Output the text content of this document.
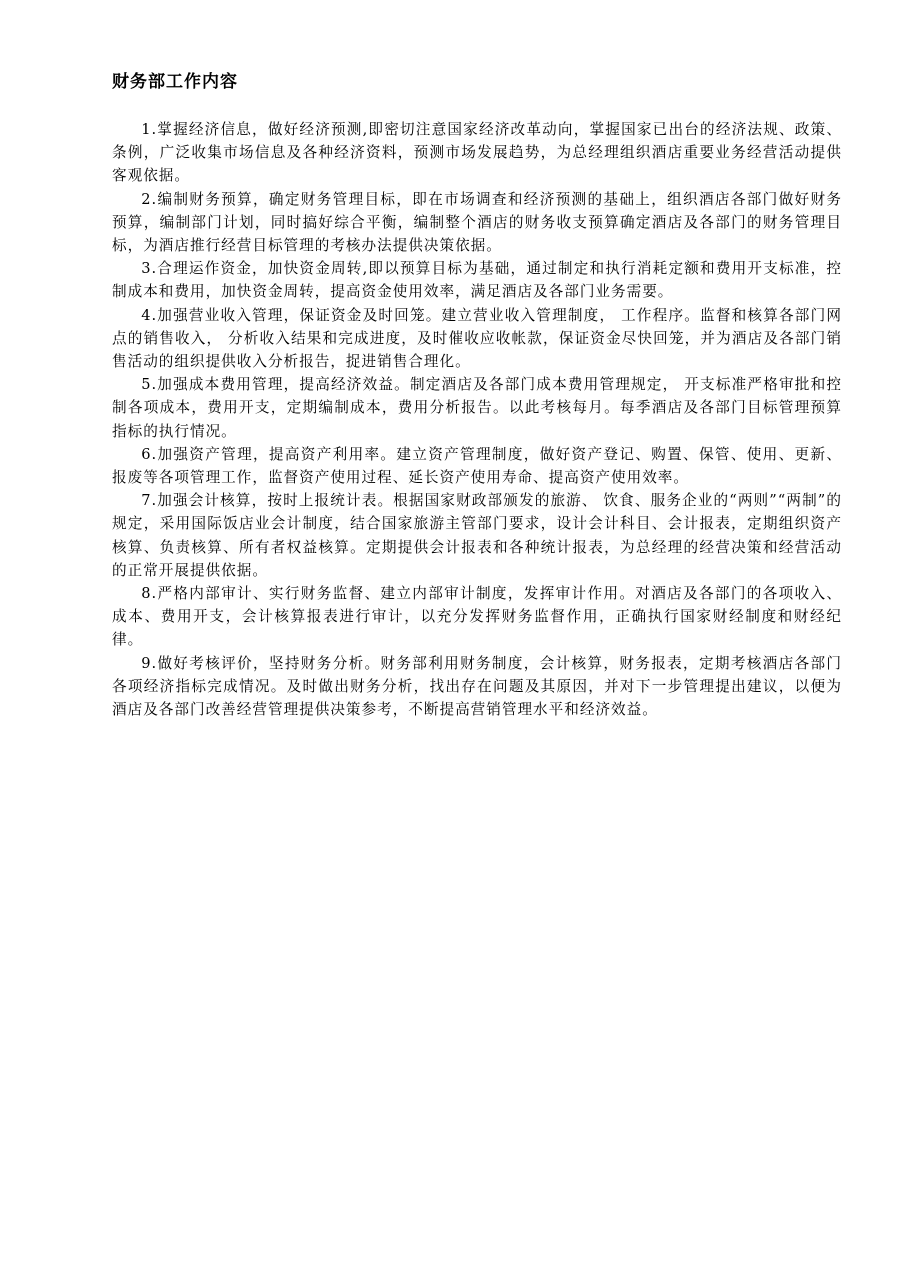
财务部工作内容

1.掌握经济信息，做好经济预测,即密切注意国家经济改革动向，掌握国家已出台的经济法规、政策、条例，广泛收集市场信息及各种经济资料，预测市场发展趋势，为总经理组织酒店重要业务经营活动提供客观依据。

2.编制财务预算，确定财务管理目标，即在市场调查和经济预测的基础上，组织酒店各部门做好财务预算，编制部门计划，同时搞好综合平衡，编制整个酒店的财务收支预算确定酒店及各部门的财务管理目标，为酒店推行经营目标管理的考核办法提供决策依据。

3.合理运作资金，加快资金周转,即以预算目标为基础，通过制定和执行消耗定额和费用开支标准，控制成本和费用，加快资金周转，提高资金使用效率，满足酒店及各部门业务需要。

4.加强营业收入管理，保证资金及时回笼。建立营业收入管理制度， 工作程序。监督和核算各部门网点的销售收入， 分析收入结果和完成进度，及时催收应收帐款，保证资金尽快回笼，并为酒店及各部门销售活动的组织提供收入分析报告，捉进销售合理化。

5.加强成本费用管理，提高经济效益。制定酒店及各部门成本费用管理规定， 开支标准严格审批和控制各项成本，费用开支，定期编制成本，费用分析报告。以此考核每月。每季酒店及各部门目标管理预算指标的执行情况。

6.加强资产管理，提高资产利用率。建立资产管理制度，做好资产登记、购置、保管、使用、更新、报废等各项管理工作，监督资产使用过程、延长资产使用寿命、提高资产使用效率。

7.加强会计核算，按时上报统计表。根据国家财政部颁发的旅游、 饮食、服务企业的“两则”“两制”的规定，采用国际饭店业会计制度，结合国家旅游主管部门要求，设计会计科目、会计报表，定期组织资产核算、负责核算、所有者权益核算。定期提供会计报表和各种统计报表，为总经理的经营决策和经营活动的正常开展提供依据。

8.严格内部审计、实行财务监督、建立内部审计制度，发挥审计作用。对酒店及各部门的各项收入、成本、费用开支，会计核算报表进行审计，以充分发挥财务监督作用，正确执行国家财经制度和财经纪律。

9.做好考核评价，坚持财务分析。财务部利用财务制度，会计核算，财务报表，定期考核酒店各部门各项经济指标完成情况。及时做出财务分析，找出存在问题及其原因，并对下一步管理提出建议，以便为酒店及各部门改善经营管理提供决策参考，不断提高营销管理水平和经济效益。
